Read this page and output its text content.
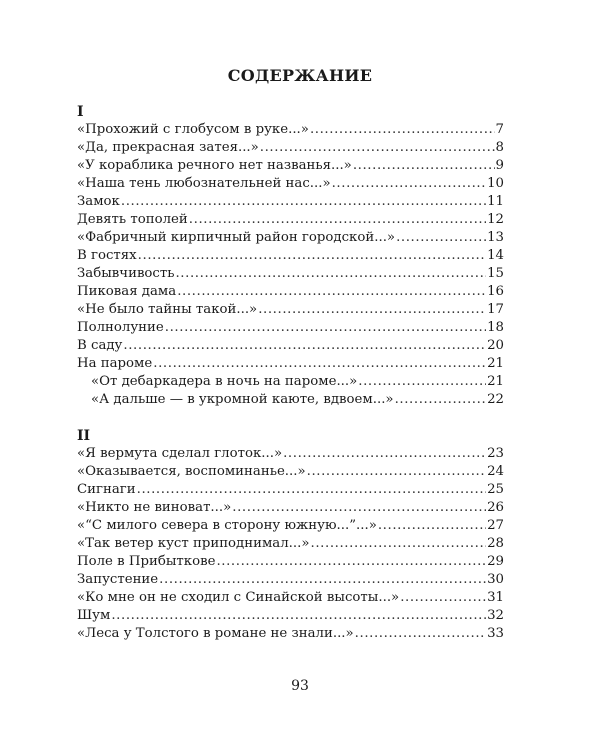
СОДЕРЖАНИЕ
I
«Прохожий с глобусом в руке...» .....	7
«Да, прекрасная затея...» .....	8
«У кораблика речного нет названья...» .....	9
«Наша тень любознательней нас...» .....	10
Замок .....	11
Девять тополей .....	12
«Фабричный кирпичный район городской...» .....	13
В гостях .....	14
Забывчивость .....	15
Пиковая дама .....	16
«Не было тайны такой...» .....	17
Полнолуние .....	18
В саду .....	20
На пароме .....	21
«От дебаркадера в ночь на пароме...» .....	21
«А дальше — в укромной каюте, вдвоем...» .....	22
II
«Я вермута сделал глоток...» .....	23
«Оказывается, воспоминанье...» .....	24
Сигнаги .....	25
«Никто не виноват...» .....	26
«“С милого севера в сторону южную...”...» .....	27
«Так ветер куст приподнимал...» .....	28
Поле в Прибыткове .....	29
Запустение .....	30
«Ко мне он не сходил с Синайской высоты...» .....	31
Шум .....	32
«Леса у Толстого в романе не знали...» .....	33
93
